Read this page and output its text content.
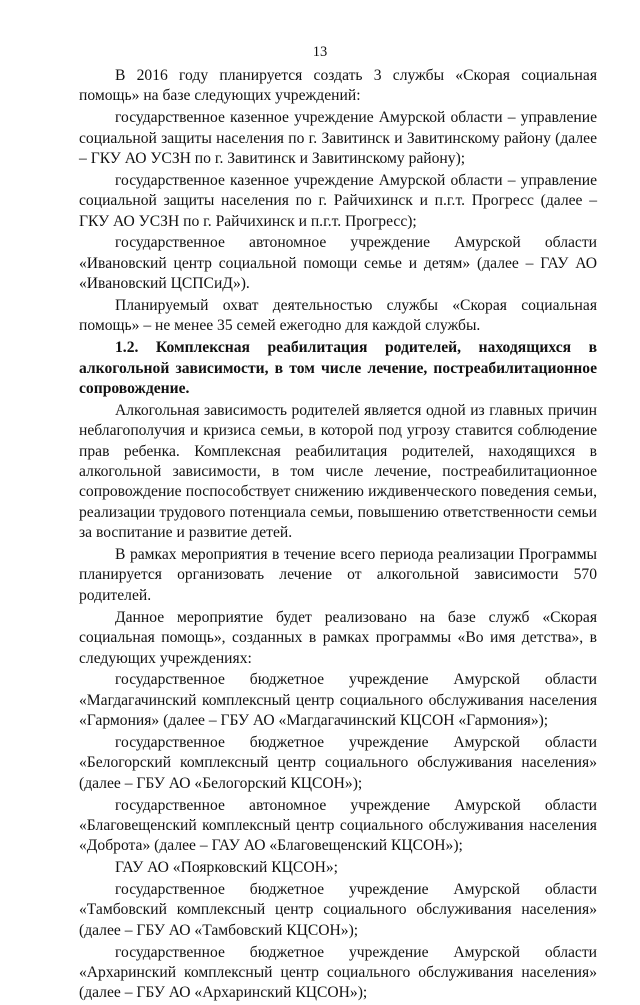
13

В 2016 году планируется создать 3 службы «Скорая социальная помощь» на базе следующих учреждений:

государственное казенное учреждение Амурской области – управление социальной защиты населения по г. Завитинск и Завитинскому району (далее – ГКУ АО УСЗН по г. Завитинск и Завитинскому району);

государственное казенное учреждение Амурской области – управление социальной защиты населения по г. Райчихинск и п.г.т. Прогресс (далее – ГКУ АО УСЗН по г. Райчихинск и п.г.т. Прогресс);

государственное автономное учреждение Амурской области «Ивановский центр социальной помощи семье и детям» (далее – ГАУ АО «Ивановский ЦСПСиД»).

Планируемый охват деятельностью службы «Скорая социальная помощь» – не менее 35 семей ежегодно для каждой службы.

1.2. Комплексная реабилитация родителей, находящихся в алкогольной зависимости, в том числе лечение, постреабилитационное сопровождение.

Алкогольная зависимость родителей является одной из главных причин неблагополучия и кризиса семьи, в которой под угрозу ставится соблюдение прав ребенка. Комплексная реабилитация родителей, находящихся в алкогольной зависимости, в том числе лечение, постреабилитационное сопровождение поспособствует снижению иждивенческого поведения семьи, реализации трудового потенциала семьи, повышению ответственности семьи за воспитание и развитие детей.

В рамках мероприятия в течение всего периода реализации Программы планируется организовать лечение от алкогольной зависимости 570 родителей.

Данное мероприятие будет реализовано на базе служб «Скорая социальная помощь», созданных в рамках программы «Во имя детства», в следующих учреждениях:

государственное бюджетное учреждение Амурской области «Магдагачинский комплексный центр социального обслуживания населения «Гармония» (далее – ГБУ АО «Магдагачинский КЦСОН «Гармония»);

государственное бюджетное учреждение Амурской области «Белогорский комплексный центр социального обслуживания населения» (далее – ГБУ АО «Белогорский КЦСОН»);

государственное автономное учреждение Амурской области «Благовещенский комплексный центр социального обслуживания населения «Доброта» (далее – ГАУ АО «Благовещенский КЦСОН»);

ГАУ АО «Поярковский КЦСОН»;

государственное бюджетное учреждение Амурской области «Тамбовский комплексный центр социального обслуживания населения» (далее – ГБУ АО «Тамбовский КЦСОН»);

государственное бюджетное учреждение Амурской области «Архаринский комплексный центр социального обслуживания населения» (далее – ГБУ АО «Архаринский КЦСОН»);
